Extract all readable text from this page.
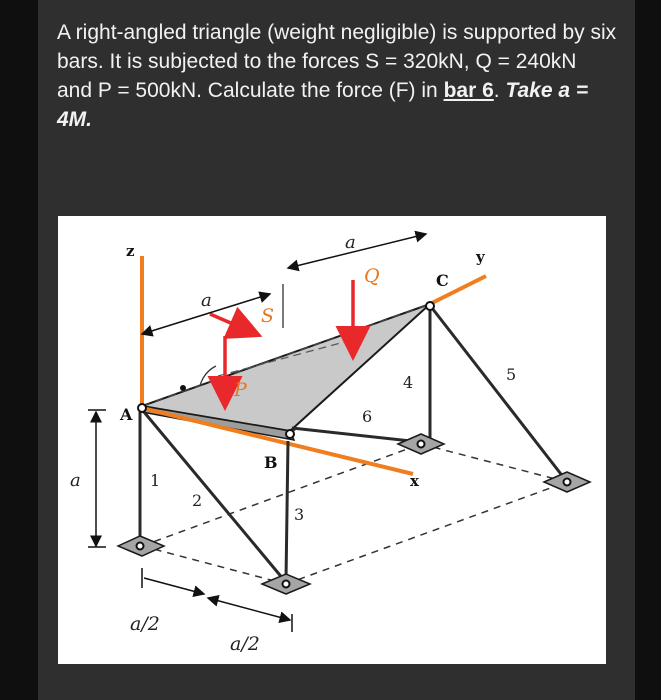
A right-angled triangle (weight negligible) is supported by six bars. It is subjected to the forces S = 320kN, Q = 240kN and P = 500kN. Calculate the force (F) in bar 6. Take a = 4M.
z	y
x
A
B
C
S
Q
P
a
a
a
a/2
a/2
1
2
3
4	5
6
